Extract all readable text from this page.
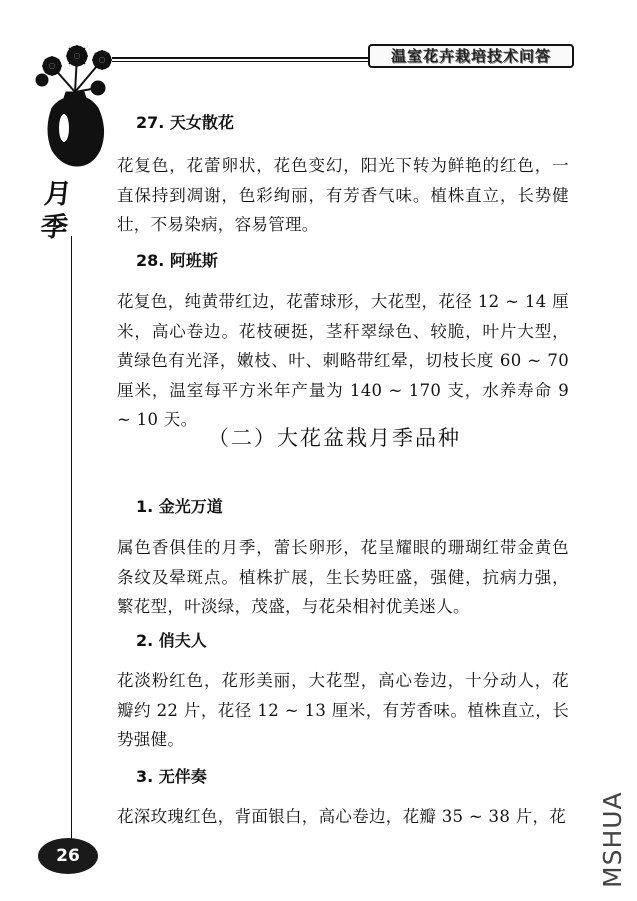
温室花卉栽培技术问答
月季
27. 天女散花
花复色，花蕾卵状，花色变幻，阳光下转为鲜艳的红色，一直保持到凋谢，色彩绚丽，有芳香气味。植株直立，长势健壮，不易染病，容易管理。
28. 阿班斯
花复色，纯黄带红边，花蕾球形，大花型，花径 12 ~ 14 厘米，高心卷边。花枝硬挺，茎秆翠绿色、较脆，叶片大型，黄绿色有光泽，嫩枝、叶、刺略带红晕，切枝长度 60 ~ 70 厘米，温室每平方米年产量为 140 ~ 170 支，水养寿命 9 ~ 10 天。
（二）大花盆栽月季品种
1. 金光万道
属色香俱佳的月季，蕾长卵形，花呈耀眼的珊瑚红带金黄色条纹及晕斑点。植株扩展，生长势旺盛，强健，抗病力强，繁花型，叶淡绿，茂盛，与花朵相衬优美迷人。
2. 俏夫人
花淡粉红色，花形美丽，大花型，高心卷边，十分动人，花瓣约 22 片，花径 12 ~ 13 厘米，有芳香味。植株直立，长势强健。
3. 无伴奏
花深玫瑰红色，背面银白，高心卷边，花瓣 35 ~ 38 片，花
26	MSHUA
